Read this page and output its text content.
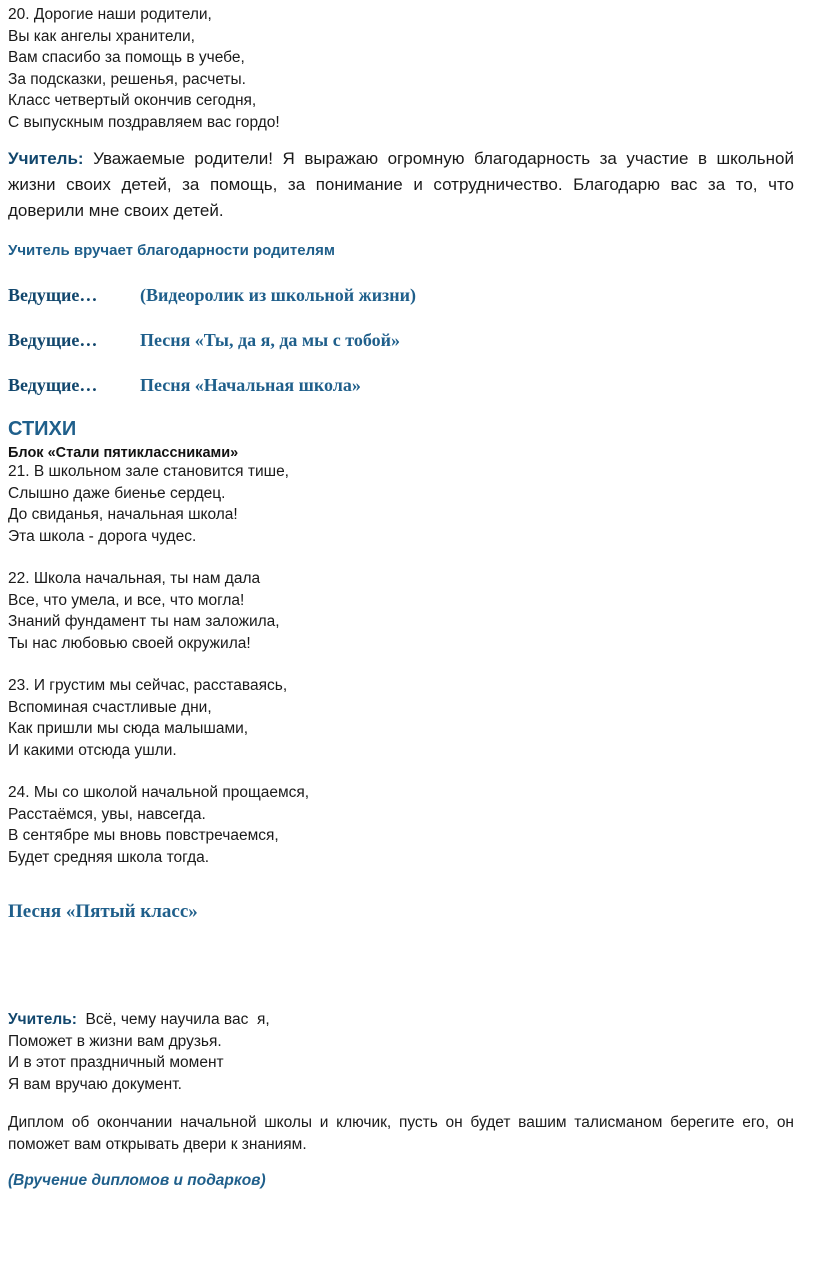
20. Дорогие наши родители,
Вы как ангелы хранители,
Вам спасибо за помощь в учебе,
За подсказки, решенья, расчеты.
Класс четвертый окончив сегодня,
С выпускным поздравляем вас гордо!

Учитель: Уважаемые родители! Я выражаю огромную благодарность за участие в школьной жизни своих детей, за помощь, за понимание и сотрудничество. Благодарю вас за то, что доверили мне своих детей.

Учитель вручает благодарности родителям
Ведущие…	(Видеоролик из школьной жизни)
Ведущие…	Песня «Ты, да я, да мы с тобой»
Ведущие…	Песня «Начальная школа»
СТИХИ
Блок «Стали пятиклассниками»
21. В школьном зале становится тише,
Слышно даже биенье сердец.
До свиданья, начальная школа!
Эта школа - дорога чудес.
22. Школа начальная, ты нам дала
Все, что умела, и все, что могла!
Знаний фундамент ты нам заложила,
Ты нас любовью своей окружила!
23. И грустим мы сейчас, расставаясь,
Вспоминая счастливые дни,
Как пришли мы сюда малышами,
И какими отсюда ушли.
24. Мы со школой начальной прощаемся,
Расстаёмся, увы, навсегда.
В сентябре мы вновь повстречаемся,
Будет средняя школа тогда.
Песня «Пятый класс»
Учитель:  Всё, чему научила вас  я,
Поможет в жизни вам друзья.
И в этот праздничный момент
Я вам вручаю документ.

Диплом об окончании начальной школы и ключик, пусть он будет вашим талисманом берегите его, он поможет вам открывать двери к знаниям.

(Вручение дипломов и подарков)
